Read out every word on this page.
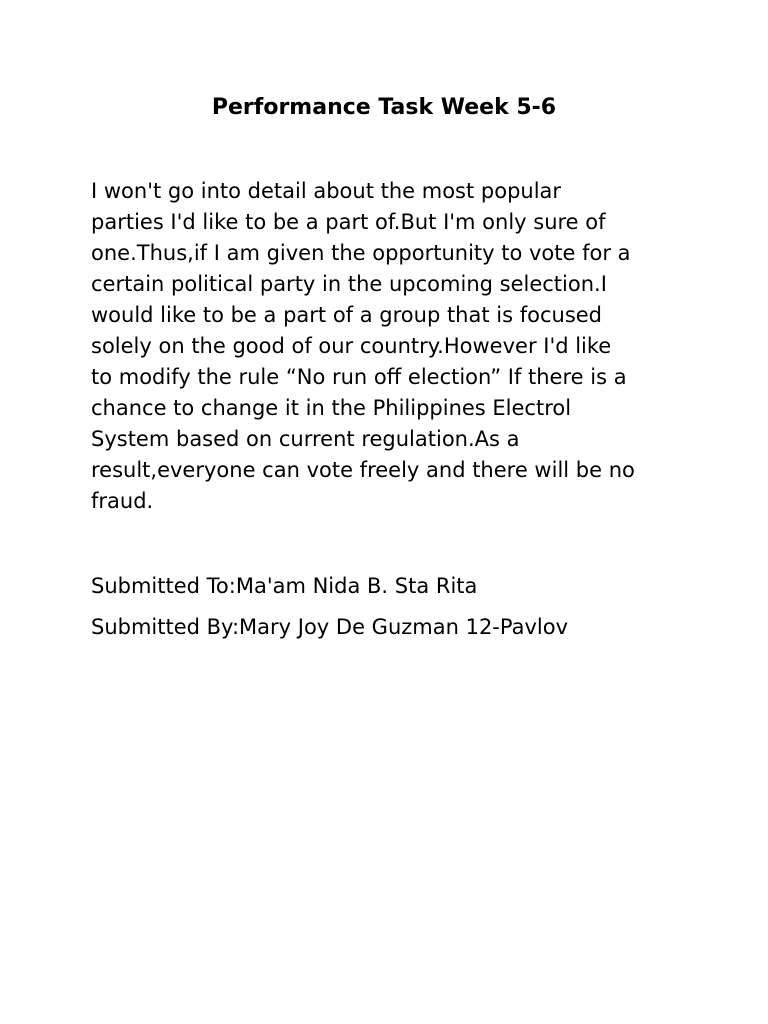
Performance Task Week 5-6
I won't go into detail about the most popular
parties I'd like to be a part of.But I'm only sure of
one.Thus,if I am given the opportunity to vote for a
certain political party in the upcoming selection.I
would like to be a part of a group that is focused
solely on the good of our country.However I'd like
to modify the rule “No run off election” If there is a
chance to change it in the Philippines Electrol
System based on current regulation.As a
result,everyone can vote freely and there will be no
fraud.

Submitted To:Ma'am Nida B. Sta Rita

Submitted By:Mary Joy De Guzman 12-Pavlov
